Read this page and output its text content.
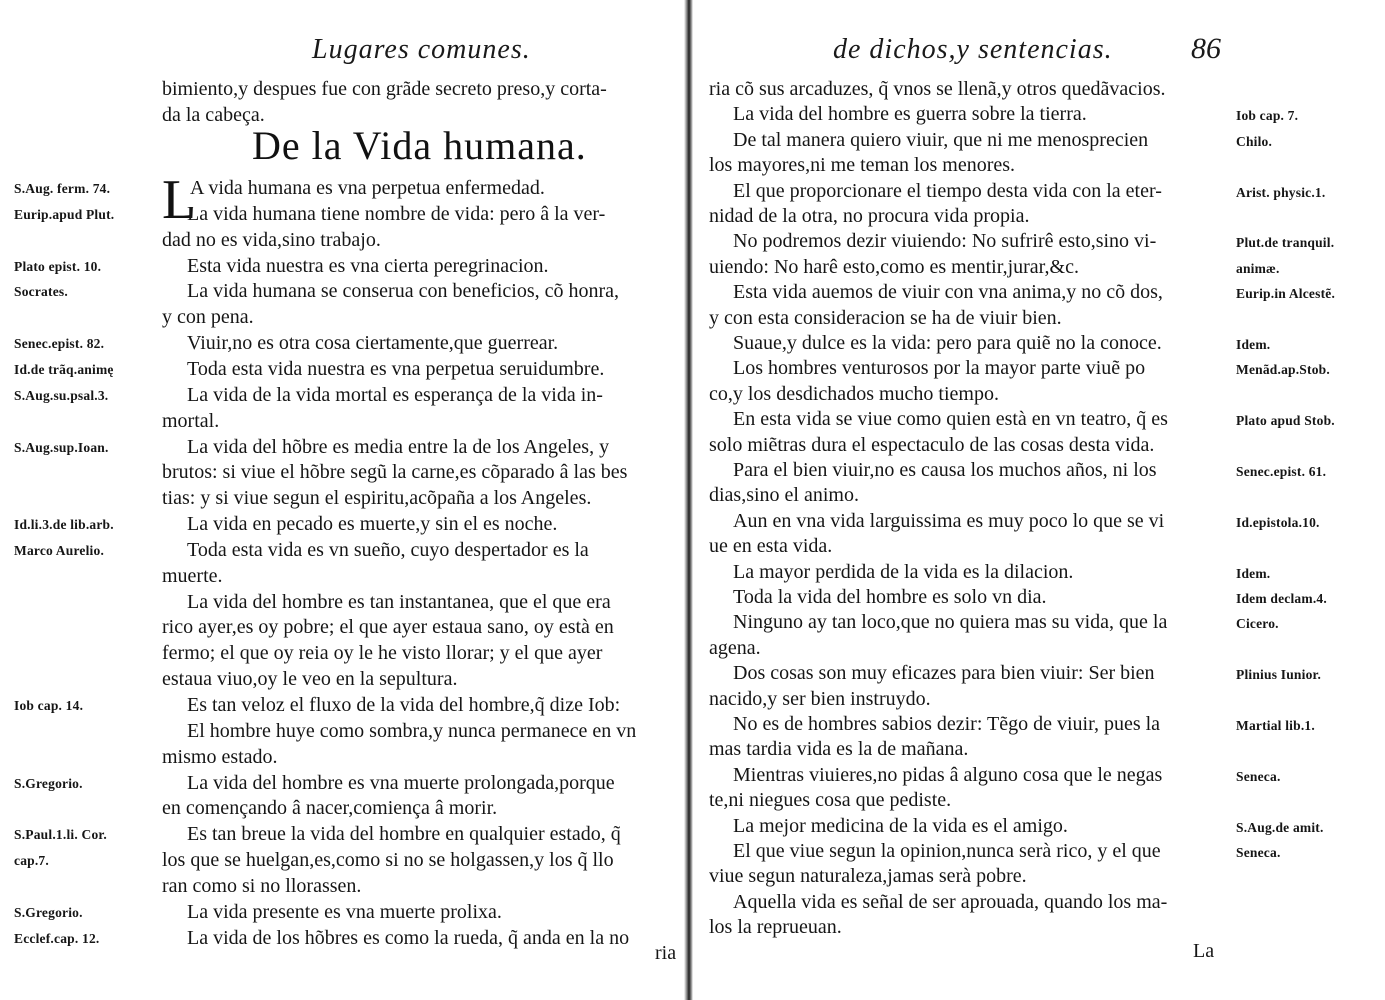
Lugares comunes.
bimiento,y despues fue con grãde secreto preso,y corta-
da la cabeça.
De la Vida humana.
L
A vida humana es vna perpetua enfermedad.
S.Aug. ferm. 74.
La vida humana tiene nombre de vida: pero â la ver-
Eurip.apud Plut.
dad no es vida,sino trabajo.
Esta vida nuestra es vna cierta peregrinacion.
Plato epist. 10.
La vida humana se conserua con beneficios, cõ honra,
Socrates.
y con pena.
Viuir,no es otra cosa ciertamente,que guerrear.
Senec.epist. 82.
Toda esta vida nuestra es vna perpetua seruidumbre.
Id.de trãq.animę
La vida de la vida mortal es esperança de la vida in-
S.Aug.su.psal.3.
mortal.
La vida del hõbre es media entre la de los Angeles, y
S.Aug.sup.Ioan.
brutos: si viue el hõbre segũ la carne,es cõparado â las bes
tias: y si viue segun el espiritu,acõpaña a los Angeles.
La vida en pecado es muerte,y sin el es noche.
Id.li.3.de lib.arb.
Toda esta vida es vn sueño, cuyo despertador es la
Marco Aurelio.
muerte.
La vida del hombre es tan instantanea, que el que era
rico ayer,es oy pobre; el que ayer estaua sano, oy està en
fermo; el que oy reia oy le he visto llorar; y el que ayer
estaua viuo,oy le veo en la sepultura.
Es tan veloz el fluxo de la vida del hombre,q̃ dize Iob:
Iob cap. 14.
El hombre huye como sombra,y nunca permanece en vn
mismo estado.
La vida del hombre es vna muerte prolongada,porque
S.Gregorio.
en començando â nacer,comiença â morir.
Es tan breue la vida del hombre en qualquier estado, q̃
S.Paul.1.li. Cor.
los que se huelgan,es,como si no se holgassen,y los q̃ llo
cap.7.
ran como si no llorassen.
La vida presente es vna muerte prolixa.
S.Gregorio.
La vida de los hõbres es como la rueda, q̃ anda en la no
Ecclef.cap. 12.
ria
de dichos,y sentencias.	86
ria cõ sus arcaduzes, q̃ vnos se llenã,y otros quedãvacios.
La vida del hombre es guerra sobre la tierra.	Iob cap. 7.
De tal manera quiero viuir, que ni me menosprecien	Chilo.
los mayores,ni me teman los menores.
El que proporcionare el tiempo desta vida con la eter-	Arist. physic.1.
nidad de la otra, no procura vida propia.
No podremos dezir viuiendo: No sufrirê esto,sino vi-	Plut.de tranquil.
uiendo: No harê esto,como es mentir,jurar,&c.	animæ.
Esta vida auemos de viuir con vna anima,y no cõ dos,	Eurip.in Alcestẽ.
y con esta consideracion se ha de viuir bien.
Suaue,y dulce es la vida: pero para quiẽ no la conoce.	Idem.
Los hombres venturosos por la mayor parte viuẽ po	Menãd.ap.Stob.
co,y los desdichados mucho tiempo.
En esta vida se viue como quien està en vn teatro, q̃ es	Plato apud Stob.
solo miẽtras dura el espectaculo de las cosas desta vida.
Para el bien viuir,no es causa los muchos años, ni los	Senec.epist. 61.
dias,sino el animo.
Aun en vna vida larguissima es muy poco lo que se vi	Id.epistola.10.
ue en esta vida.
La mayor perdida de la vida es la dilacion.	Idem.
Toda la vida del hombre es solo vn dia.	Idem declam.4.
Ninguno ay tan loco,que no quiera mas su vida, que la	Cicero.
agena.
Dos cosas son muy eficazes para bien viuir: Ser bien	Plinius Iunior.
nacido,y ser bien instruydo.
No es de hombres sabios dezir: Tẽgo de viuir, pues la	Martial lib.1.
mas tardia vida es la de mañana.
Mientras viuieres,no pidas â alguno cosa que le negas	Seneca.
te,ni niegues cosa que pediste.
La mejor medicina de la vida es el amigo.	S.Aug.de amit.
El que viue segun la opinion,nunca serà rico, y el que	Seneca.
viue segun naturaleza,jamas serà pobre.
Aquella vida es señal de ser aprouada, quando los ma-
los la reprueuan.
La
